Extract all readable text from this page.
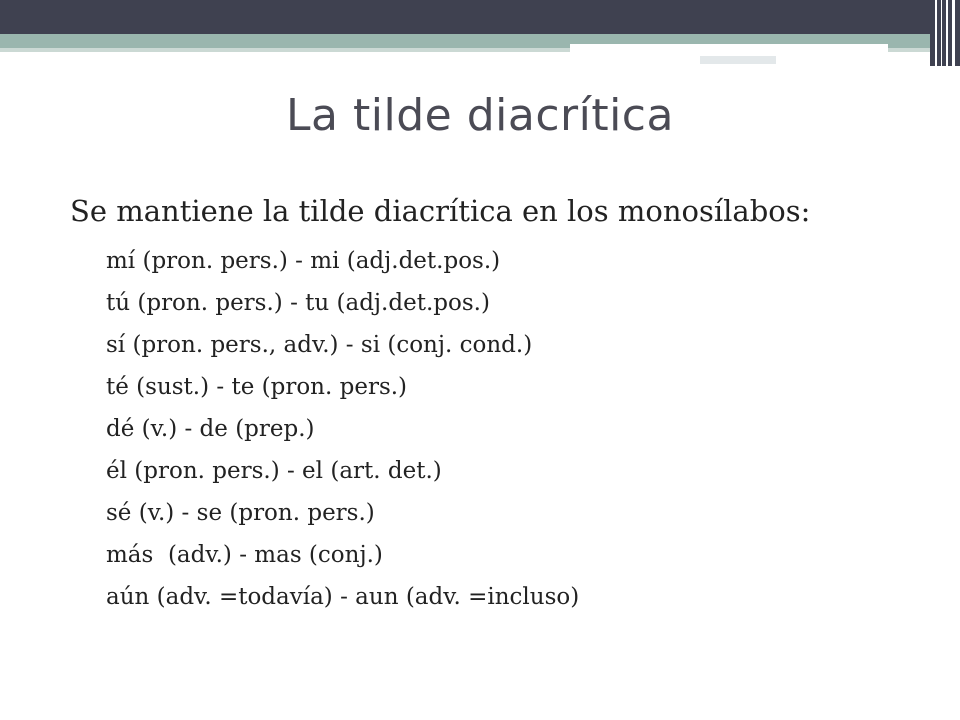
La tilde diacrítica
Se mantiene la tilde diacrítica en los monosílabos:
mí (pron. pers.) - mi (adj.det.pos.)
tú (pron. pers.) - tu (adj.det.pos.)
sí (pron. pers., adv.) - si (conj. cond.)
té (sust.) - te (pron. pers.)
dé (v.) - de (prep.)
él (pron. pers.) - el (art. det.)
sé (v.) - se (pron. pers.)
más  (adv.) - mas (conj.)
aún (adv. =todavía) - aun (adv. =incluso)
